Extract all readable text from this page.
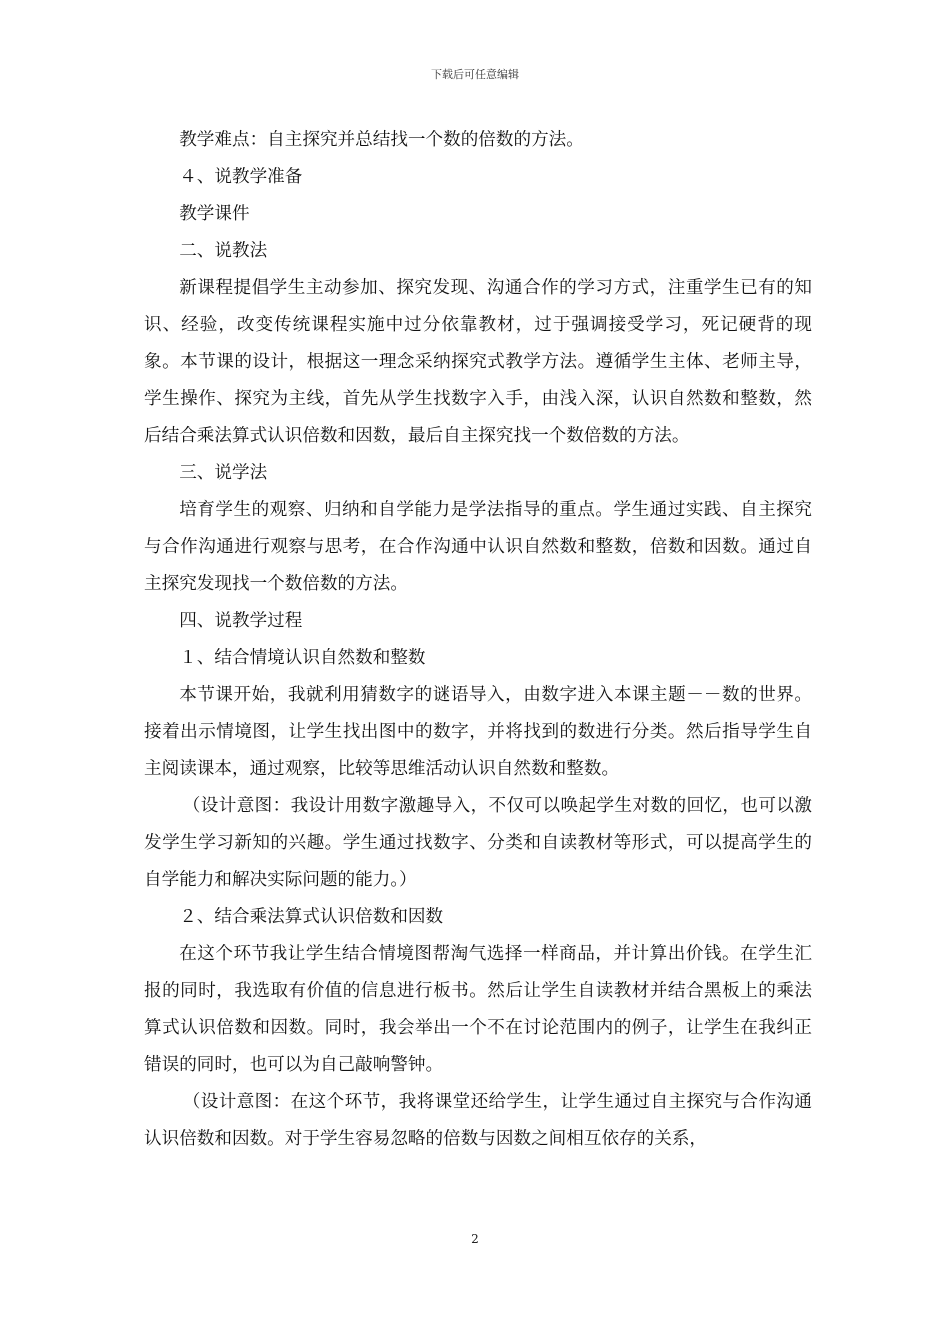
下载后可任意编辑

教学难点：自主探究并总结找一个数的倍数的方法。

４、说教学准备

教学课件

二、说教法

新课程提倡学生主动参加、探究发现、沟通合作的学习方式，注重学生已有的知识、经验，改变传统课程实施中过分依靠教材，过于强调接受学习，死记硬背的现象。本节课的设计，根据这一理念采纳探究式教学方法。遵循学生主体、老师主导，学生操作、探究为主线，首先从学生找数字入手，由浅入深，认识自然数和整数，然后结合乘法算式认识倍数和因数，最后自主探究找一个数倍数的方法。

三、说学法

培育学生的观察、归纳和自学能力是学法指导的重点。学生通过实践、自主探究与合作沟通进行观察与思考，在合作沟通中认识自然数和整数，倍数和因数。通过自主探究发现找一个数倍数的方法。

四、说教学过程

１、结合情境认识自然数和整数

本节课开始，我就利用猜数字的谜语导入，由数字进入本课主题－－数的世界。接着出示情境图，让学生找出图中的数字，并将找到的数进行分类。然后指导学生自主阅读课本，通过观察，比较等思维活动认识自然数和整数。

（设计意图：我设计用数字激趣导入，不仅可以唤起学生对数的回忆，也可以激发学生学习新知的兴趣。学生通过找数字、分类和自读教材等形式，可以提高学生的自学能力和解决实际问题的能力。）

２、结合乘法算式认识倍数和因数

在这个环节我让学生结合情境图帮淘气选择一样商品，并计算出价钱。在学生汇报的同时，我选取有价值的信息进行板书。然后让学生自读教材并结合黑板上的乘法算式认识倍数和因数。同时，我会举出一个不在讨论范围内的例子，让学生在我纠正错误的同时，也可以为自己敲响警钟。

（设计意图：在这个环节，我将课堂还给学生，让学生通过自主探究与合作沟通认识倍数和因数。对于学生容易忽略的倍数与因数之间相互依存的关系，

2
